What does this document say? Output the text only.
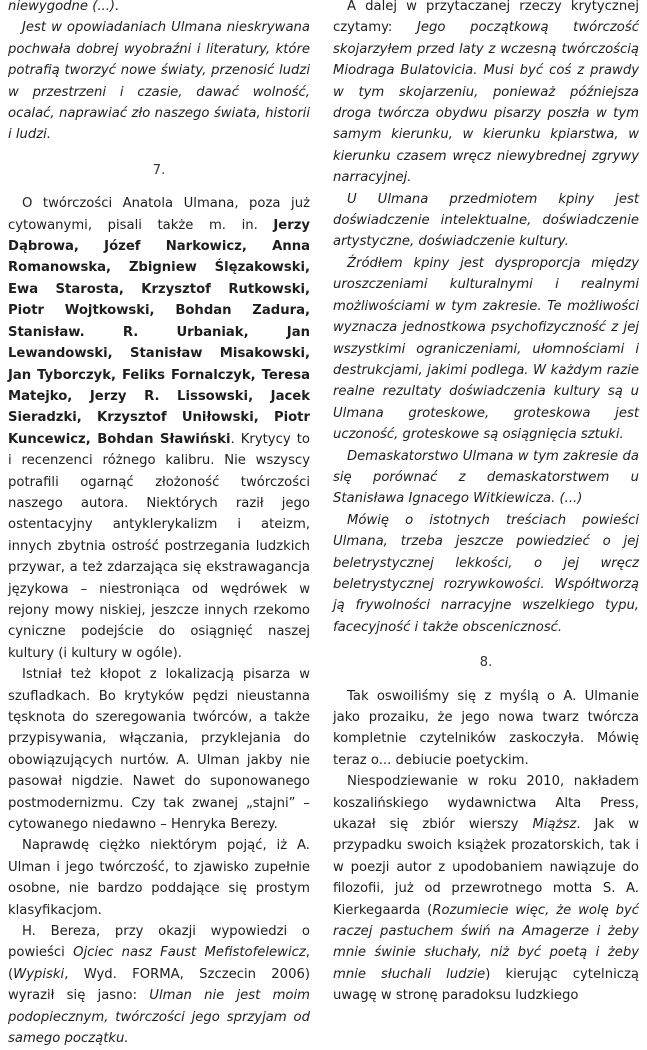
niewygodne (...).

Jest w opowiadaniach Ulmana nieskrywana pochwała dobrej wyobraźni i literatury, które potrafią tworzyć nowe światy, przenosić ludzi w przestrzeni i czasie, dawać wolność, ocalać, naprawiać zło naszego świata, historii i ludzi.

7.

O twórczości Anatola Ulmana, poza już cytowanymi, pisali także m. in. Jerzy Dąbrowa, Józef Narkowicz, Anna Romanowska, Zbigniew Ślęzakowski, Ewa Starosta, Krzysztof Rutkowski, Piotr Wojtkowski, Bohdan Zadura, Stanisław. R. Urbaniak, Jan Lewandowski, Stanisław Misakowski, Jan Tyborczyk, Feliks Fornalczyk, Teresa Matejko, Jerzy R. Lissowski, Jacek Sieradzki, Krzysztof Uniłowski, Piotr Kuncewicz, Bohdan Sławiński. Krytycy to i recenzenci różnego kalibru. Nie wszyscy potrafili ogarnąć złożoność twórczości naszego autora. Niektórych raził jego ostentacyjny antyklerykalizm i ateizm, innych zbytnia ostrość postrzegania ludzkich przywar, a też zdarzająca się ekstrawagancja językowa – niestroniąca od wędrówek w rejony mowy niskiej, jeszcze innych rzekomo cyniczne podejście do osiągnięć naszej kultury (i kultury w ogóle).

Istniał też kłopot z lokalizacją pisarza w szufladkach. Bo krytyków pędzi nieustanna tęsknota do szeregowania twórców, a także przypisywania, włączania, przyklejania do obowiązujących nurtów. A. Ulman jakby nie pasował nigdzie. Nawet do suponowanego postmodernizmu. Czy tak zwanej „stajni” – cytowanego niedawno – Henryka Berezy.

Naprawdę ciężko niektórym pojąć, iż A. Ulman i jego twórczość, to zjawisko zupełnie osobne, nie bardzo poddające się prostym klasyfikacjom.

H. Bereza, przy okazji wypowiedzi o powieści Ojciec nasz Faust Mefistofelewicz, (Wypiski, Wyd. FORMA, Szczecin 2006) wyraził się jasno: Ulman nie jest moim podopiecznym, twórczości jego sprzyjam od samego początku.

A dalej w przytaczanej rzeczy krytycznej czytamy: Jego początkową twórczość skojarzyłem przed laty z wczesną twórczością Miodraga Bulatovicia. Musi być coś z prawdy w tym skojarzeniu, ponieważ późniejsza droga twórcza obydwu pisarzy poszła w tym samym kierunku, w kierunku kpiarstwa, w kierunku czasem wręcz niewybrednej zgrywy narracyjnej.

U Ulmana przedmiotem kpiny jest doświadczenie intelektualne, doświadczenie artystyczne, doświadczenie kultury.

Źródłem kpiny jest dysproporcja między uroszczeniami kulturalnymi i realnymi możliwościami w tym zakresie. Te możliwości wyznacza jednostkowa psychofizyczność z jej wszystkimi ograniczeniami, ułomnościami i destrukcjami, jakimi podlega. W każdym razie realne rezultaty doświadczenia kultury są u Ulmana groteskowe, groteskowa jest uczoność, groteskowe są osiągnięcia sztuki.

Demaskatorstwo Ulmana w tym zakresie da się porównać z demaskatorstwem u Stanisława Ignacego Witkiewicza. (...)

Mówię o istotnych treściach powieści Ulmana, trzeba jeszcze powiedzieć o jej beletrystycznej lekkości, o jej wręcz beletrystycznej rozrywkowości. Współtworzą ją frywolności narracyjne wszelkiego typu, facecyjność i także obscenicznosć.

8.

Tak oswoiliśmy się z myślą o A. Ulmanie jako prozaiku, że jego nowa twarz twórcza kompletnie czytelników zaskoczyła. Mówię teraz o... debiucie poetyckim.

Niespodziewanie w roku 2010, nakładem koszalińskiego wydawnictwa Alta Press, ukazał się zbiór wierszy Miąższ. Jak w przypadku swoich książek prozatorskich, tak i w poezji autor z upodobaniem nawiązuje do filozofii, już od przewrotnego motta S. A. Kierkegaarda (Rozumiecie więc, że wolę być raczej pastuchem świń na Amagerze i żeby mnie świnie słuchały, niż być poetą i żeby mnie słuchali ludzie) kierując cytelniczą uwagę w stronę paradoksu ludzkiego
